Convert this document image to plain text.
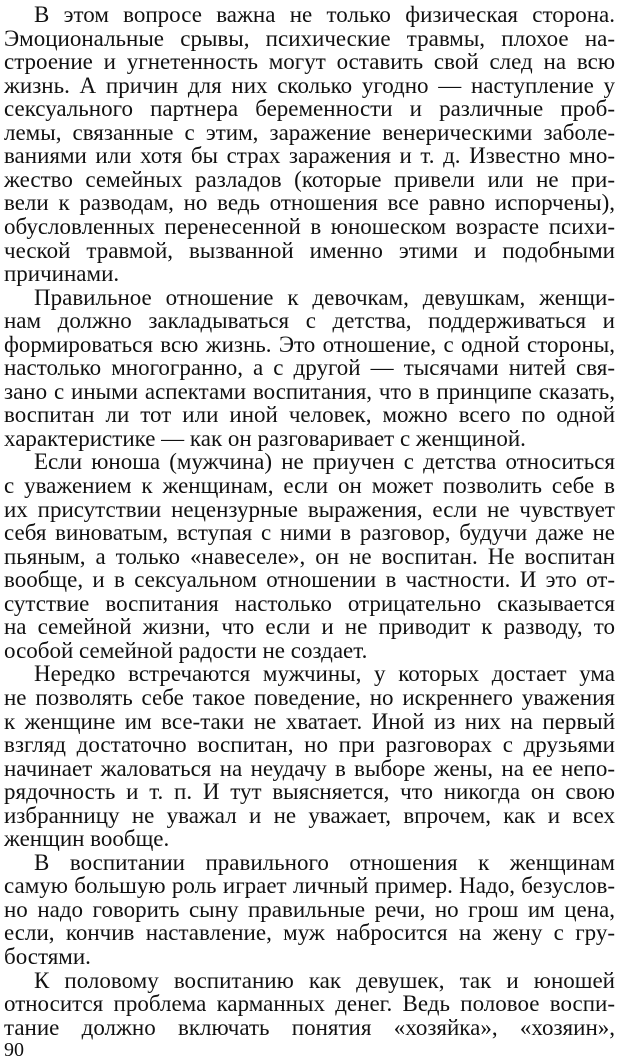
В этом вопросе важна не только физическая сторона.
Эмоциональные срывы, психические травмы, плохое на-
строение и угнетенность могут оставить свой след на всю
жизнь. А причин для них сколько угодно — наступление у
сексуального партнера беременности и различные проб-
лемы, связанные с этим, заражение венерическими заболе-
ваниями или хотя бы страх заражения и т. д. Известно мно-
жество семейных разладов (которые привели или не при-
вели к разводам, но ведь отношения все равно испорчены),
обусловленных перенесенной в юношеском возрасте психи-
ческой травмой, вызванной именно этими и подобными
причинами.
Правильное отношение к девочкам, девушкам, женщи-
нам должно закладываться с детства, поддерживаться и
формироваться всю жизнь. Это отношение, с одной стороны,
настолько многогранно, а с другой — тысячами нитей свя-
зано с иными аспектами воспитания, что в принципе сказать,
воспитан ли тот или иной человек, можно всего по одной
характеристике — как он разговаривает с женщиной.
Если юноша (мужчина) не приучен с детства относиться
с уважением к женщинам, если он может позволить себе в
их присутствии нецензурные выражения, если не чувствует
себя виноватым, вступая с ними в разговор, будучи даже не
пьяным, а только «навеселе», он не воспитан. Не воспитан
вообще, и в сексуальном отношении в частности. И это от-
сутствие воспитания настолько отрицательно сказывается
на семейной жизни, что если и не приводит к разводу, то
особой семейной радости не создает.
Нередко встречаются мужчины, у которых достает ума
не позволять себе такое поведение, но искреннего уважения
к женщине им все-таки не хватает. Иной из них на первый
взгляд достаточно воспитан, но при разговорах с друзьями
начинает жаловаться на неудачу в выборе жены, на ее непо-
рядочность и т. п. И тут выясняется, что никогда он свою
избранницу не уважал и не уважает, впрочем, как и всех
женщин вообще.
В воспитании правильного отношения к женщинам
самую большую роль играет личный пример. Надо, безуслов-
но надо говорить сыну правильные речи, но грош им цена,
если, кончив наставление, муж набросится на жену с гру-
бостями.
К половому воспитанию как девушек, так и юношей
относится проблема карманных денег. Ведь половое воспи-
тание должно включать понятия «хозяйка», «хозяин»,
90
